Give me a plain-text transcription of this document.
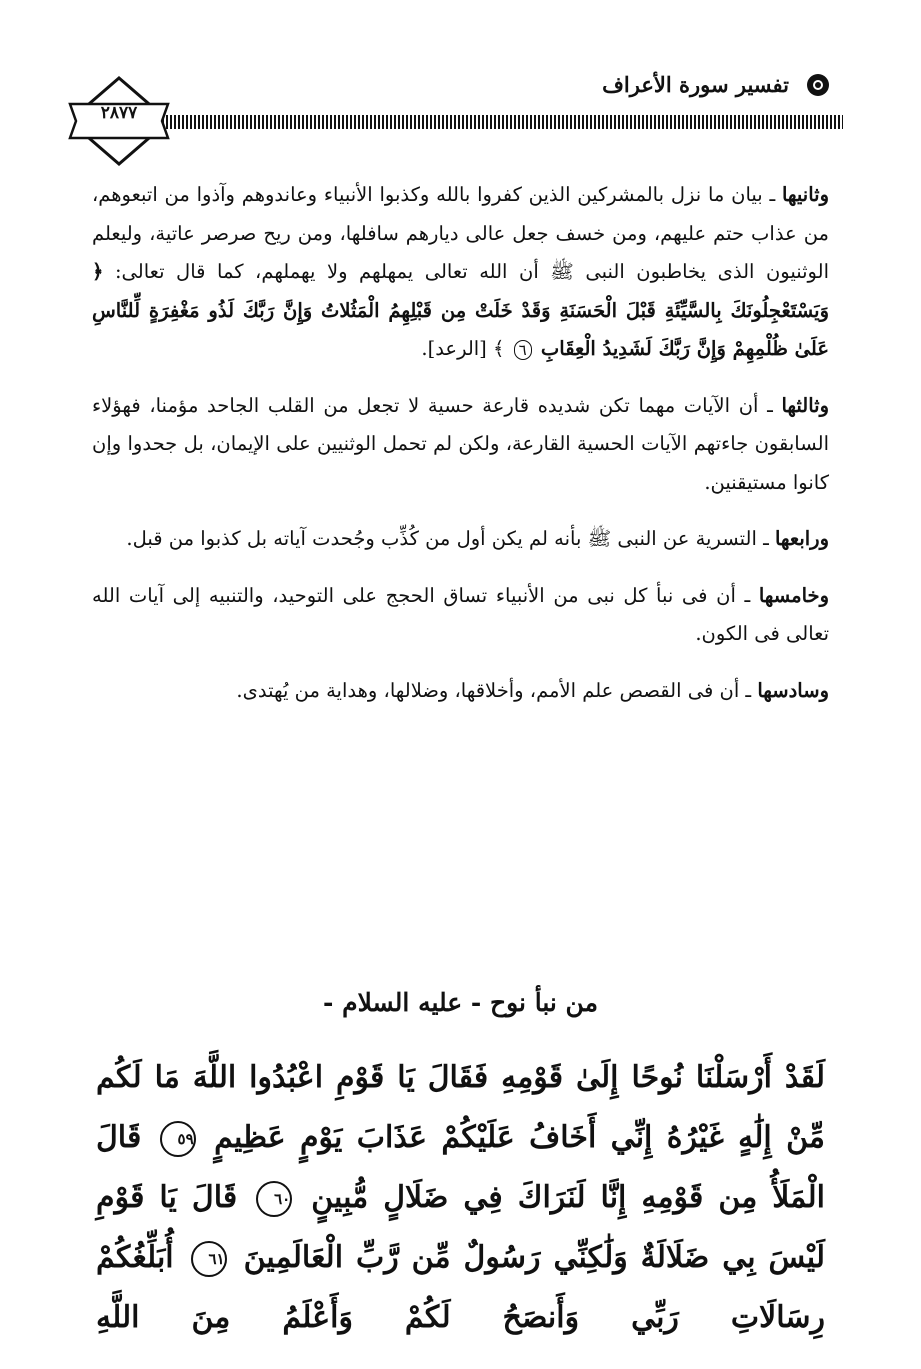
تفسير سورة الأعراف
٢٨٧٧

وثانيها ـ بيان ما نزل بالمشركين الذين كفروا بالله وكذبوا الأنبياء وعاندوهم وآذوا من اتبعوهم، من عذاب حتم عليهم، ومن خسف جعل عالى ديارهم سافلها، ومن ريح صرصر عاتية، وليعلم الوثنيون الذى يخاطبون النبى ﷺ أن الله تعالى يمهلهم ولا يهملهم، كما قال تعالى: ﴿ وَيَسْتَعْجِلُونَكَ بِالسَّيِّئَةِ قَبْلَ الْحَسَنَةِ وَقَدْ خَلَتْ مِن قَبْلِهِمُ الْمَثُلاتُ وَإِنَّ رَبَّكَ لَذُو مَغْفِرَةٍ لِّلنَّاسِ عَلَىٰ ظُلْمِهِمْ وَإِنَّ رَبَّكَ لَشَدِيدُ الْعِقَابِ ٦ ﴾ [الرعد].

وثالثها ـ أن الآيات مهما تكن شديده قارعة حسية لا تجعل من القلب الجاحد مؤمنا، فهؤلاء السابقون جاءتهم الآيات الحسية القارعة، ولكن لم تحمل الوثنيين على الإيمان، بل جحدوا وإن كانوا مستيقنين.

ورابعها ـ التسرية عن النبى ﷺ بأنه لم يكن أول من كُذِّب وجُحدت آياته بل كذبوا من قبل.

وخامسها ـ أن فى نبأ كل نبى من الأنبياء تساق الحجج على التوحيد، والتنبيه إلى آيات الله تعالى فى الكون.

وسادسها ـ أن فى القصص علم الأمم، وأخلاقها، وضلالها، وهداية من يُهتدى.

من نبأ نوح - عليه السلام -
لَقَدْ أَرْسَلْنَا نُوحًا إِلَىٰ قَوْمِهِ فَقَالَ يَا قَوْمِ اعْبُدُوا اللَّهَ مَا لَكُم مِّنْ إِلَٰهٍ غَيْرُهُ إِنِّي أَخَافُ عَلَيْكُمْ عَذَابَ يَوْمٍ عَظِيمٍ ٥٩ قَالَ الْمَلَأُ مِن قَوْمِهِ إِنَّا لَنَرَاكَ فِي ضَلَالٍ مُّبِينٍ ٦٠ قَالَ يَا قَوْمِ لَيْسَ بِي ضَلَالَةٌ وَلَٰكِنِّي رَسُولٌ مِّن رَّبِّ الْعَالَمِينَ ٦١ أُبَلِّغُكُمْ رِسَالَاتِ رَبِّي وَأَنصَحُ لَكُمْ وَأَعْلَمُ مِنَ اللَّهِ
